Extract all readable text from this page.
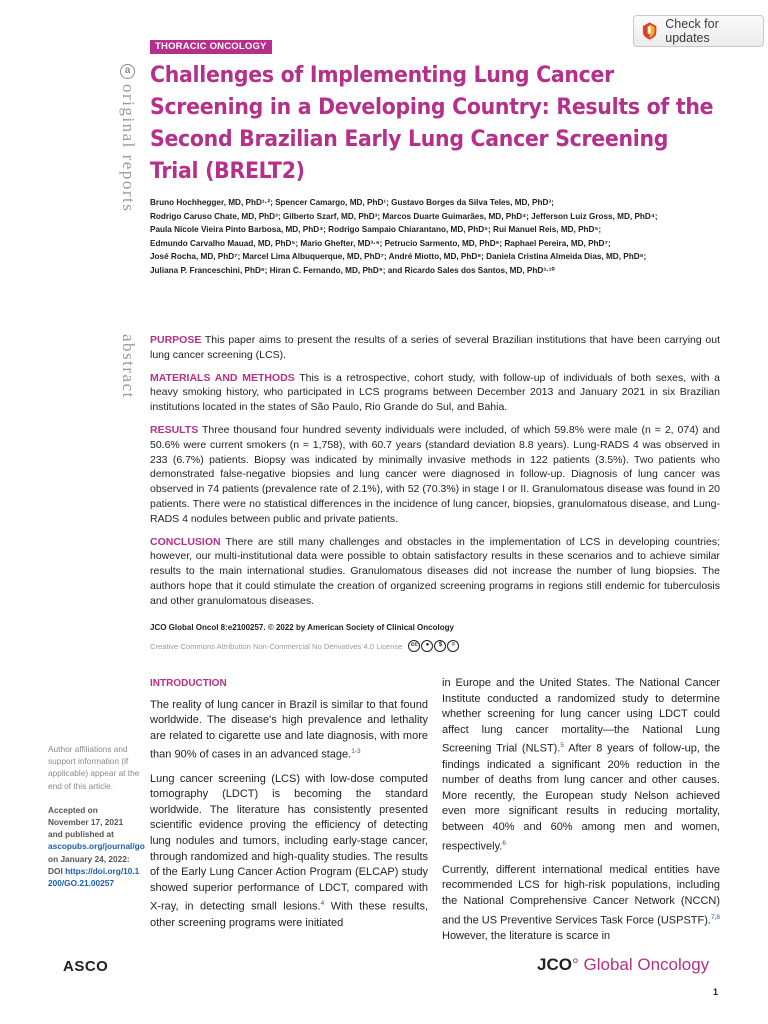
THORACIC ONCOLOGY
Check for updates
a
original reports
abstract
Challenges of Implementing Lung Cancer
Screening in a Developing Country: Results of the
Second Brazilian Early Lung Cancer Screening
Trial (BRELT2)
Bruno Hochhegger, MD, PhD¹·²; Spencer Camargo, MD, PhD¹; Gustavo Borges da Silva Teles, MD, PhD³;
Rodrigo Caruso Chate, MD, PhD³; Gilberto Szarf, MD, PhD³; Marcos Duarte Guimarães, MD, PhD⁴; Jefferson Luiz Gross, MD, PhD⁴;
Paula Nicole Vieira Pinto Barbosa, MD, PhD⁴; Rodrigo Sampaio Chiarantano, MD, PhD⁵; Rui Manuel Reis, MD, PhD⁵;
Edmundo Carvalho Mauad, MD, PhD⁵; Mario Ghefter, MD³·⁶; Petrucio Sarmento, MD, PhD⁶; Raphael Pereira, MD, PhD⁷;
José Rocha, MD, PhD⁷; Marcel Lima Albuquerque, MD, PhD⁷; André Miotto, MD, PhD⁸; Daniela Cristina Almeida Dias, MD, PhD⁸;
Juliana P. Franceschini, PhD⁶; Hiran C. Fernando, MD, PhD⁹; and Ricardo Sales dos Santos, MD, PhD³·¹⁰

PURPOSE This paper aims to present the results of a series of several Brazilian institutions that have been carrying out lung cancer screening (LCS).

MATERIALS AND METHODS This is a retrospective, cohort study, with follow-up of individuals of both sexes, with a heavy smoking history, who participated in LCS programs between December 2013 and January 2021 in six Brazilian institutions located in the states of São Paulo, Rio Grande do Sul, and Bahia.

RESULTS Three thousand four hundred seventy individuals were included, of which 59.8% were male (n = 2, 074) and 50.6% were current smokers (n = 1,758), with 60.7 years (standard deviation 8.8 years). Lung-RADS 4 was observed in 233 (6.7%) patients. Biopsy was indicated by minimally invasive methods in 122 patients (3.5%). Two patients who demonstrated false-negative biopsies and lung cancer were diagnosed in follow-up. Diagnosis of lung cancer was observed in 74 patients (prevalence rate of 2.1%), with 52 (70.3%) in stage I or II. Granulomatous disease was found in 20 patients. There were no statistical differences in the incidence of lung cancer, biopsies, granulomatous disease, and Lung-RADS 4 nodules between public and private patients.

CONCLUSION There are still many challenges and obstacles in the implementation of LCS in developing countries; however, our multi-institutional data were possible to obtain satisfactory results in these scenarios and to achieve similar results to the main international studies. Granulomatous diseases did not increase the number of lung biopsies. The authors hope that it could stimulate the creation of organized screening programs in regions still endemic for tuberculosis and other granulomatous diseases.

JCO Global Oncol 8:e2100257. © 2022 by American Society of Clinical Oncology
Creative Commons Attribution Non-Commercial No Derivatives 4.0 License	cc	●	$	=
Author affiliations and support information (if applicable) appear at the end of this article.
Accepted on November 17, 2021 and published at ascopubs.org/journal/go on January 24, 2022: DOI https://doi.org/10.1200/GO.21.00257
INTRODUCTION

The reality of lung cancer in Brazil is similar to that found worldwide. The disease's high prevalence and lethality are related to cigarette use and late diagnosis, with more than 90% of cases in an advanced stage.$^{1-3}$

Lung cancer screening (LCS) with low-dose computed tomography (LDCT) is becoming the standard worldwide. The literature has consistently presented scientific evidence proving the efficiency of detecting lung nodules and tumors, including early-stage cancer, through randomized and high-quality studies. The results of the Early Lung Cancer Action Program (ELCAP) study showed superior performance of LDCT, compared with X-ray, in detecting small lesions.$^4$ With these results, other screening programs were initiated

in Europe and the United States. The National Cancer Institute conducted a randomized study to determine whether screening for lung cancer using LDCT could affect lung cancer mortality—the National Lung Screening Trial (NLST).$^5$ After 8 years of follow-up, the findings indicated a significant 20% reduction in the number of deaths from lung cancer and other causes. More recently, the European study Nelson achieved even more significant results in reducing mortality, between 40% and 60% among men and women, respectively.$^6$

Currently, different international medical entities have recommended LCS for high-risk populations, including the National Comprehensive Cancer Network (NCCN) and the US Preventive Services Task Force (USPSTF).$^{7,8}$ However, the literature is scarce in

ASCO	JCO° Global Oncology
1
